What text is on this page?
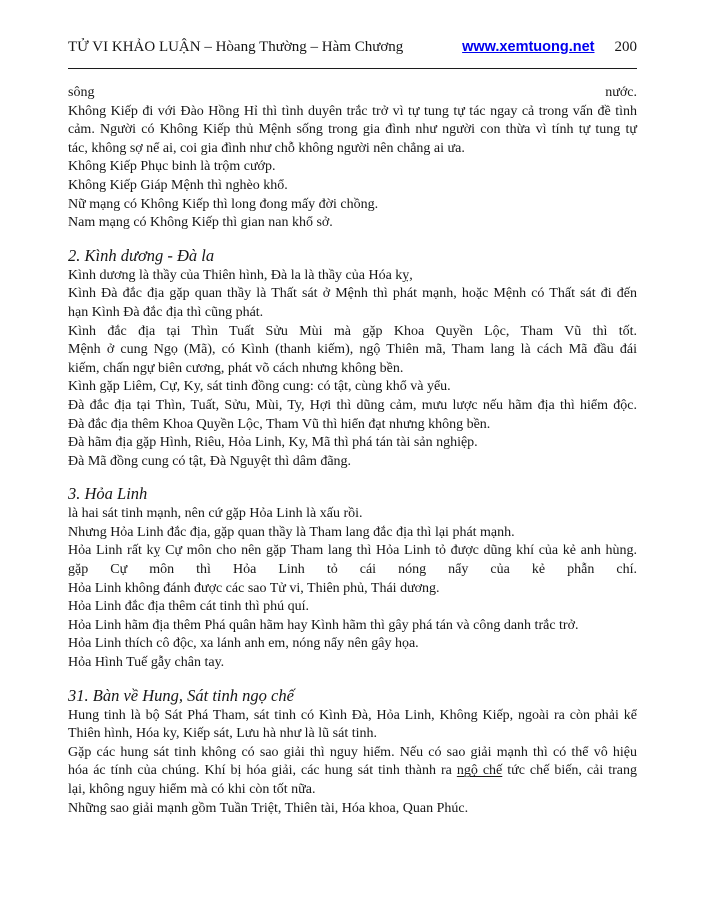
TỬ VI KHẢO LUẬN – Hòang Thường – Hàm Chương	www.xemtuong.net 200
sông	nước.
Không Kiếp đi với Đào Hồng Hỉ thì tình duyên trắc trở vì tự tung tự tác ngay cả trong vấn đề tình
cảm. Người có Không Kiếp thủ Mệnh sống trong gia đình như người con thừa vì tính tự tung tự
tác, không sợ nể ai, coi gia đình như chỗ không người nên chẳng ai ưa.
Không Kiếp Phục binh là trộm cướp.
Không Kiếp Giáp Mệnh thì nghèo khổ.
Nữ mạng có Không Kiếp thì long đong mấy đời chồng.
Nam mạng có Không Kiếp thì gian nan khổ sở.
2. Kình dương - Đà la
Kình dương là thầy của Thiên hình, Đà la là thầy của Hóa kỵ,
Kình Đà đắc địa gặp quan thầy là Thất sát ở Mệnh thì phát mạnh, hoặc Mệnh có Thất sát đi đến
hạn Kình Đà đắc địa thì cũng phát.
Kình đắc địa tại Thìn Tuất Sửu Mùi mà gặp Khoa Quyền Lộc, Tham Vũ thì tốt.
Mệnh ở cung Ngọ (Mã), có Kình (thanh kiếm), ngộ Thiên mã, Tham lang là cách Mã đầu đái
kiếm, chấn ngự biên cương, phát võ cách nhưng không bền.
Kình gặp Liêm, Cự, Ky, sát tinh đồng cung: có tật, cùng khổ và yểu.
Đà đắc địa tại Thìn, Tuất, Sửu, Mùi, Ty, Hợi thì dũng cảm, mưu lược nếu hãm địa thì hiểm độc.
Đà đắc địa thêm Khoa Quyền Lộc, Tham Vũ thì hiển đạt nhưng không bền.
Đà hãm địa gặp Hình, Riêu, Hỏa Linh, Ky, Mã thì phá tán tài sản nghiệp.
Đà Mã đồng cung có tật, Đà Nguyệt thì dâm đãng.
3. Hỏa Linh
là hai sát tinh mạnh, nên cứ gặp Hỏa Linh là xấu rồi.
Nhưng Hỏa Linh đắc địa, gặp quan thầy là Tham lang đắc địa thì lại phát mạnh.
Hỏa Linh rất kỵ Cự môn cho nên gặp Tham lang thì Hỏa Linh tỏ được dũng khí của kẻ anh hùng.
gặp Cự môn thì Hỏa Linh tỏ cái nóng nẩy của kẻ phẫn chí.
Hỏa Linh không đánh được các sao Tử vi, Thiên phủ, Thái dương.
Hỏa Linh đắc địa thêm cát tinh thì phú quí.
Hỏa Linh hãm địa thêm Phá quân hãm hay Kình hãm thì gây phá tán và công danh trắc trở.
Hỏa Linh thích cô độc, xa lánh anh em, nóng nẩy nên gây họa.
Hỏa Hình Tuế gẫy chân tay.
31. Bàn về Hung, Sát tinh ngọ chế
Hung tinh là bộ Sát Phá Tham, sát tinh có Kình Đà, Hỏa Linh, Không Kiếp, ngoài ra còn phải kể
Thiên hình, Hóa ky, Kiếp sát, Lưu hà như là lũ sát tinh.
Gặp các hung sát tinh không có sao giải thì nguy hiểm. Nếu có sao giải mạnh thì có thể vô hiệu
hóa ác tính của chúng. Khí bị hóa giải, các hung sát tinh thành ra ngộ chế tức chế biến, cải trang
lại, không nguy hiểm mà có khi còn tốt nữa.
Những sao giải mạnh gồm Tuần Triệt, Thiên tài, Hóa khoa, Quan Phúc.
